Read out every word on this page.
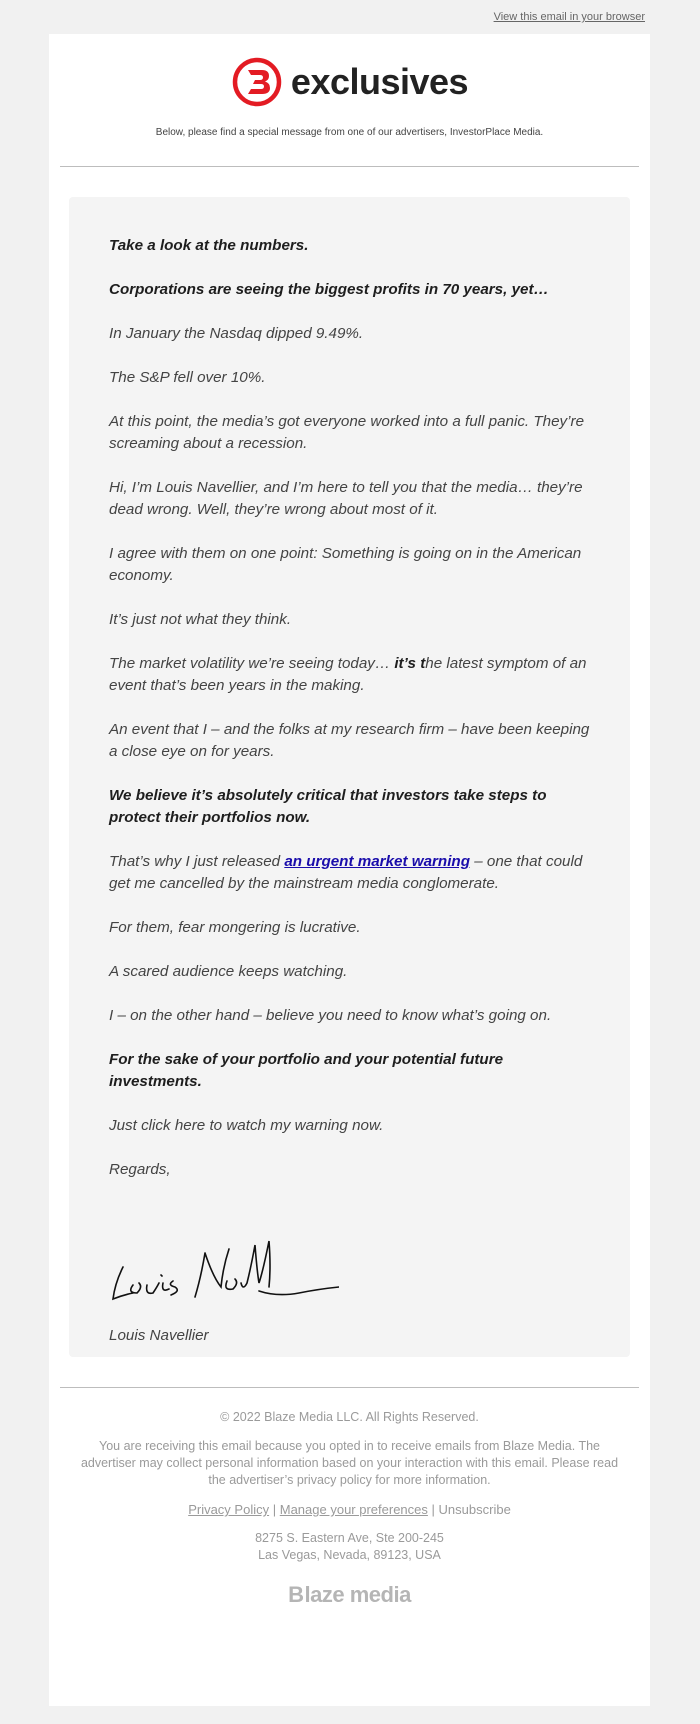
View this email in your browser
exclusives
Below, please find a special message from one of our advertisers, InvestorPlace Media.

Take a look at the numbers.

Corporations are seeing the biggest profits in 70 years, yet…

In January the Nasdaq dipped 9.49%.

The S&P fell over 10%.

At this point, the media’s got everyone worked into a full panic. They’re screaming about a recession.

Hi, I’m Louis Navellier, and I’m here to tell you that the media… they’re dead wrong. Well, they’re wrong about most of it.

I agree with them on one point: Something is going on in the American economy.

It’s just not what they think.

The market volatility we’re seeing today… it’s the latest symptom of an event that’s been years in the making.

An event that I – and the folks at my research firm – have been keeping a close eye on for years.

We believe it’s absolutely critical that investors take steps to protect their portfolios now.

That’s why I just released an urgent market warning – one that could get me cancelled by the mainstream media conglomerate.

For them, fear mongering is lucrative.

A scared audience keeps watching.

I – on the other hand – believe you need to know what’s going on.

For the sake of your portfolio and your potential future investments.

Just click here to watch my warning now.

Regards,

Louis Navellier

© 2022 Blaze Media LLC. All Rights Reserved.
You are receiving this email because you opted in to receive emails from Blaze Media. The advertiser may collect personal information based on your interaction with this email. Please read the advertiser’s privacy policy for more information.
Privacy Policy | Manage your preferences | Unsubscribe
8275 S. Eastern Ave, Ste 200-245
Las Vegas, Nevada, 89123, USA
B laze media
